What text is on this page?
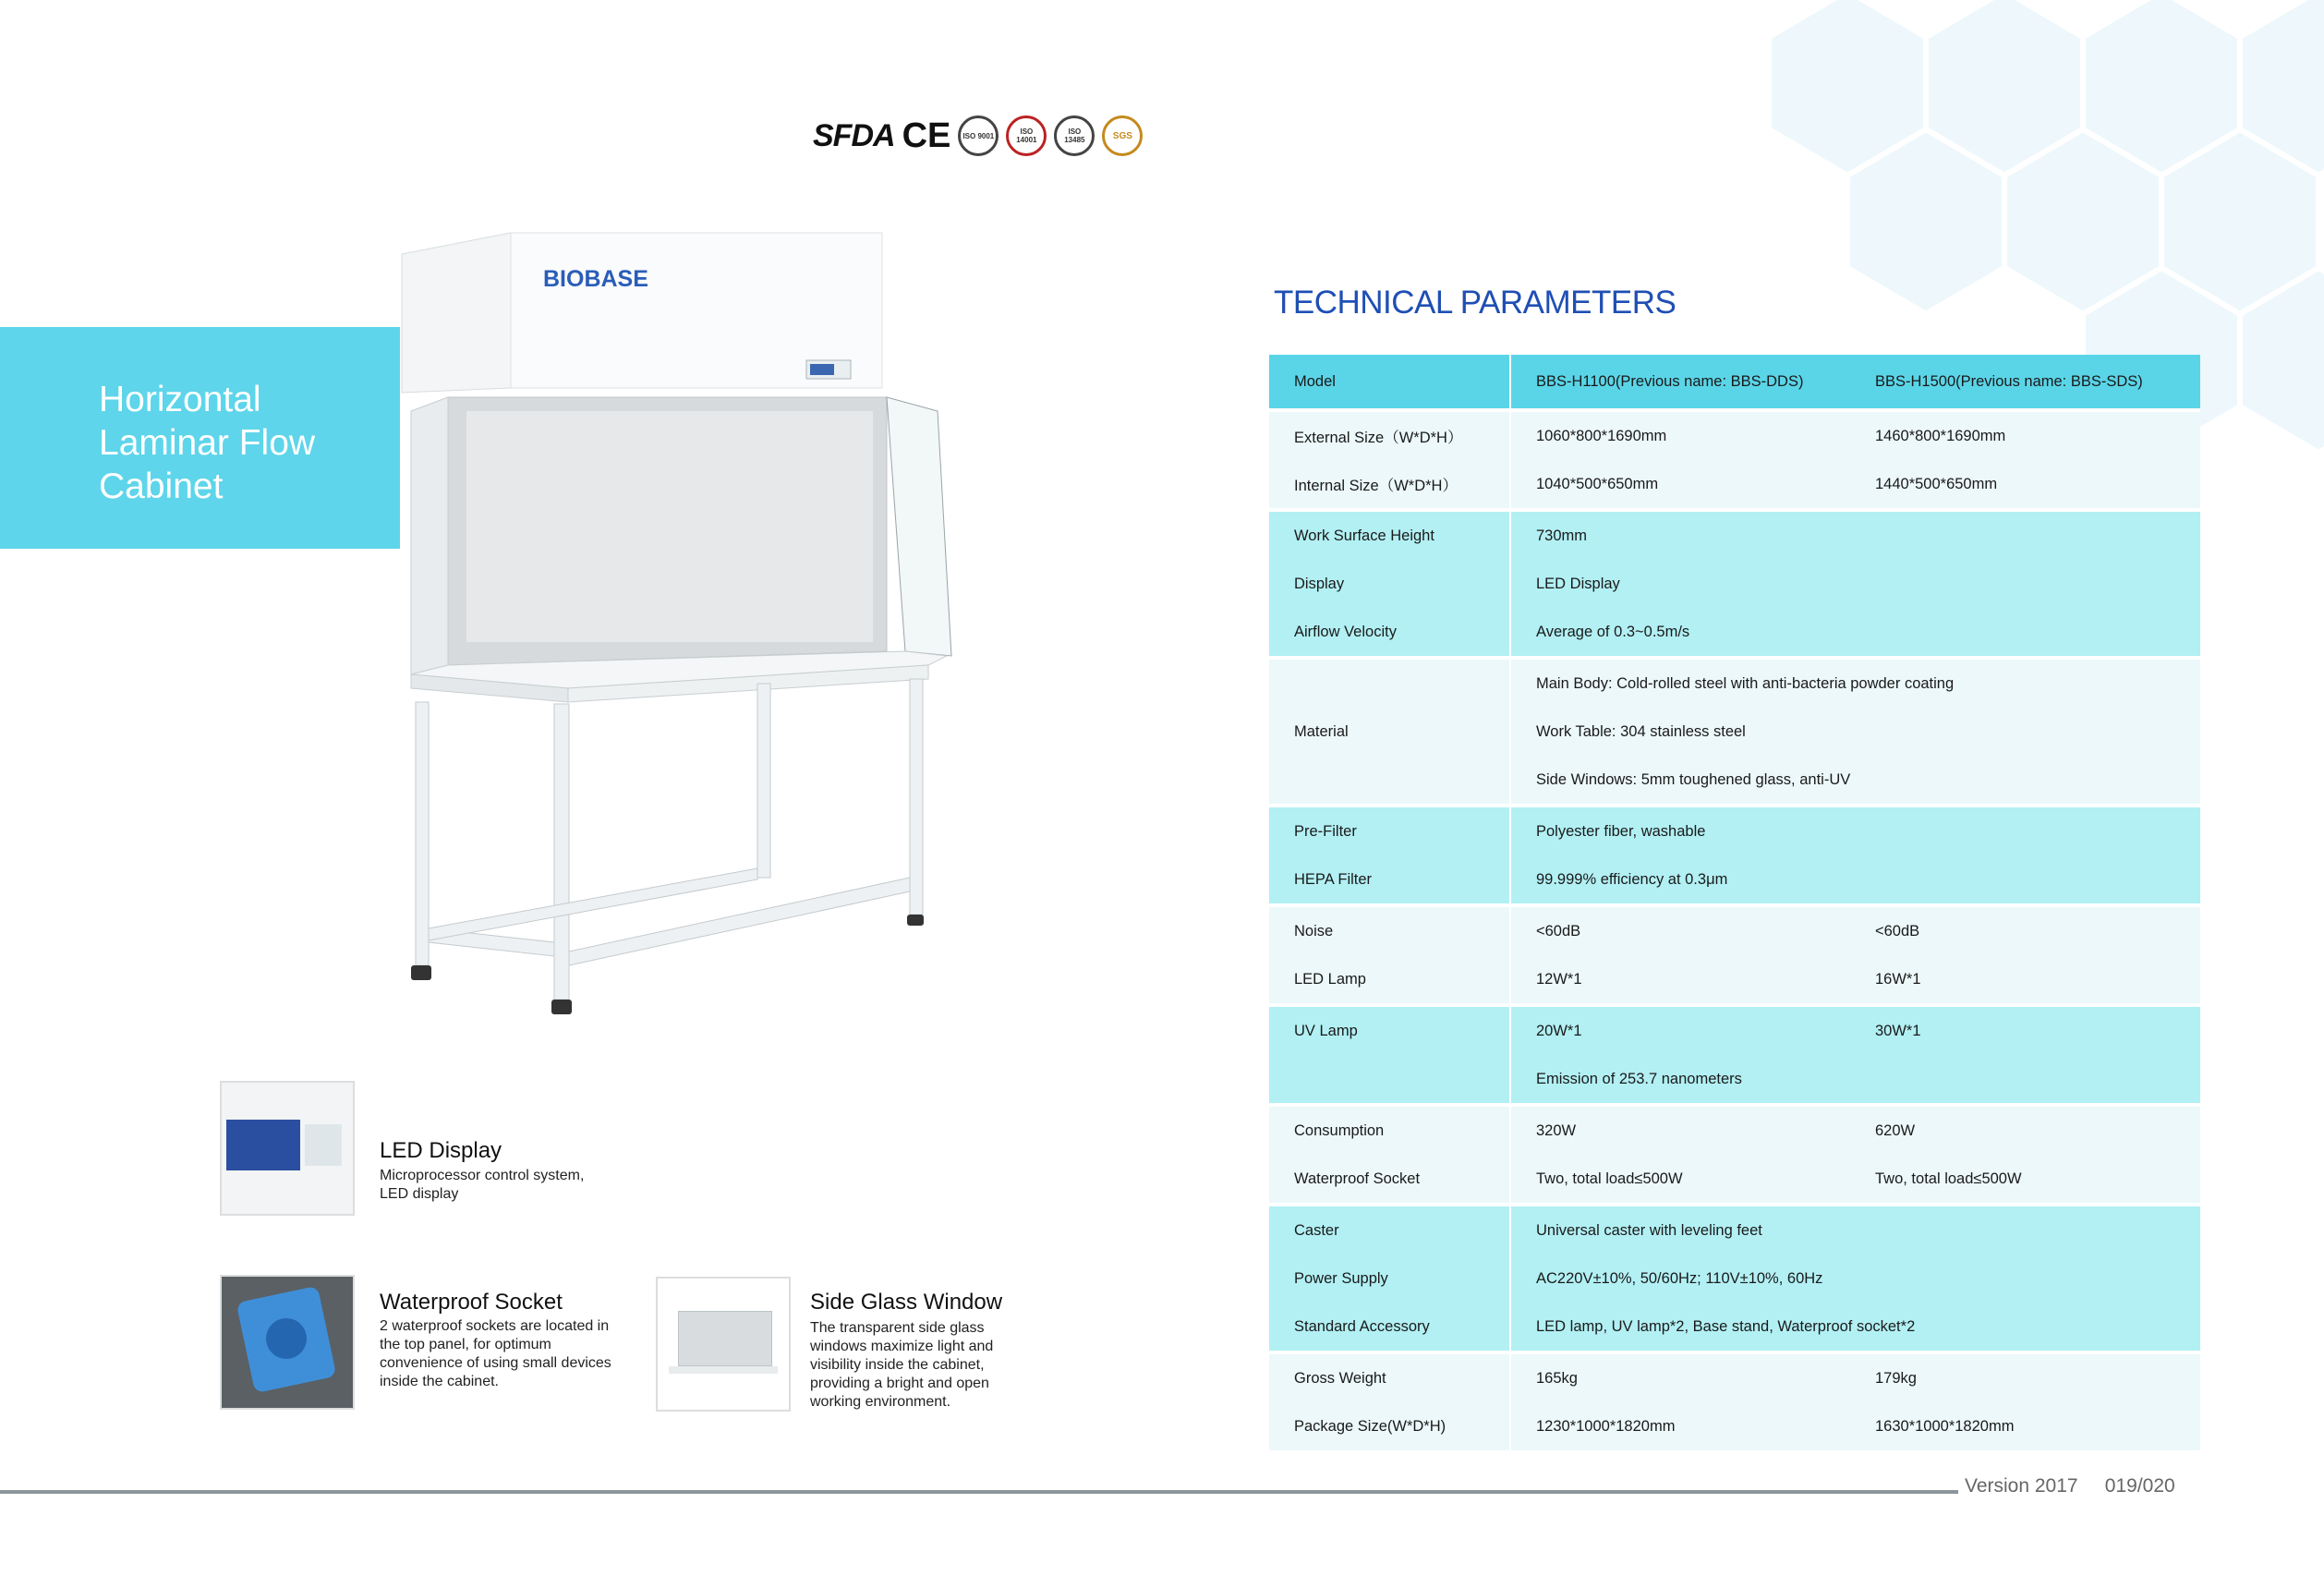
SFDA CE	ISO 9001	ISO 14001
ISO 13485	SGS
Horizontal
Laminar Flow
Cabinet
BIOBASE
LED Display

Microprocessor control system, LED display

Waterproof Socket

2 waterproof sockets are located in the top panel, for optimum convenience of using small devices inside the cabinet.

Side Glass Window

The transparent side glass windows maximize light and visibility inside the cabinet, providing a bright and open working environment.

TECHNICAL PARAMETERS
Model	BBS-H1100(Previous name: BBS-DDS)	BBS-H1500(Previous name: BBS-SDS)
External Size（W*D*H）	1060*800*1690mm	1460*800*1690mm
Internal Size（W*D*H）	1040*500*650mm	1440*500*650mm
Work Surface Height	730mm	
Display	LED Display	
Airflow Velocity	Average of 0.3~0.5m/s	
	Main Body: Cold-rolled steel with anti-bacteria powder coating	
Material	Work Table: 304 stainless steel	
	Side Windows: 5mm toughened glass, anti-UV	
Pre-Filter	Polyester fiber, washable	
HEPA Filter	99.999% efficiency at 0.3μm	
Noise	<60dB	<60dB
LED Lamp	12W*1	16W*1
UV Lamp	20W*1	30W*1
	Emission of 253.7 nanometers	
Consumption	320W	620W
Waterproof Socket	Two, total load≤500W	Two, total load≤500W
Caster	Universal caster with leveling feet	
Power Supply	AC220V±10%, 50/60Hz; 110V±10%, 60Hz	
Standard Accessory	LED lamp, UV lamp*2, Base stand, Waterproof socket*2	
Gross Weight	165kg	179kg
Package Size(W*D*H)	1230*1000*1820mm	1630*1000*1820mm
Version 2017 019/020
